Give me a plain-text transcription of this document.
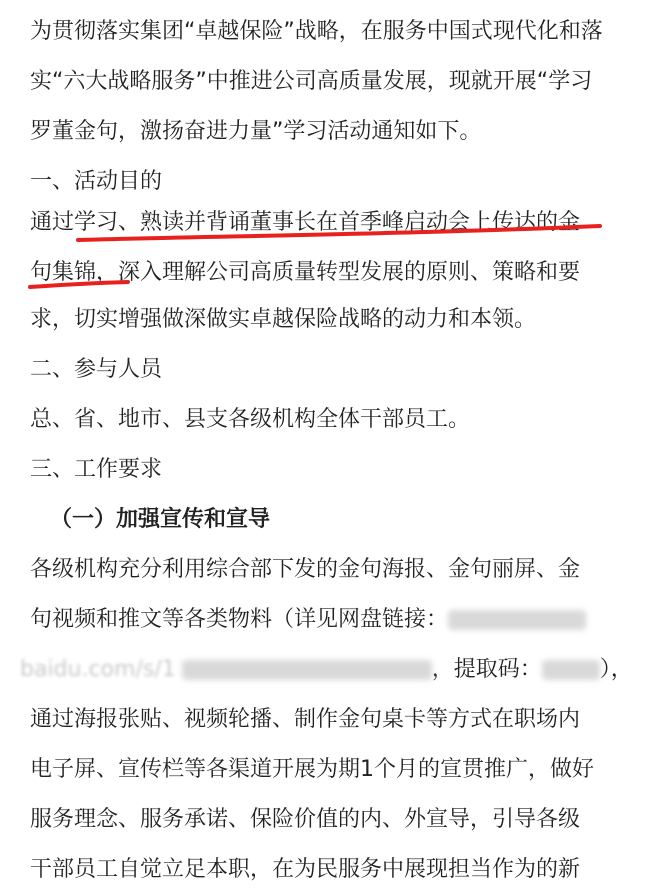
为贯彻落实集团“卓越保险”战略，在服务中国式现代化和落
实“六大战略服务”中推进公司高质量发展，现就开展“学习
罗董金句，激扬奋进力量”学习活动通知如下。
一、活动目的
通过学习、熟读并背诵董事长在首季峰启动会上传达的金
句集锦，深入理解公司高质量转型发展的原则、策略和要
求，切实增强做深做实卓越保险战略的动力和本领。
二、参与人员
总、省、地市、县支各级机构全体干部员工。
三、工作要求
（一）加强宣传和宣导
各级机构充分利用综合部下发的金句海报、金句丽屏、金
句视频和推文等各类物料（详见网盘链接：
baidu.com/s/1	，提取码：	），
通过海报张贴、视频轮播、制作金句桌卡等方式在职场内
电子屏、宣传栏等各渠道开展为期1个月的宣贯推广，做好
服务理念、服务承诺、保险价值的内、外宣导，引导各级
干部员工自觉立足本职，在为民服务中展现担当作为的新
